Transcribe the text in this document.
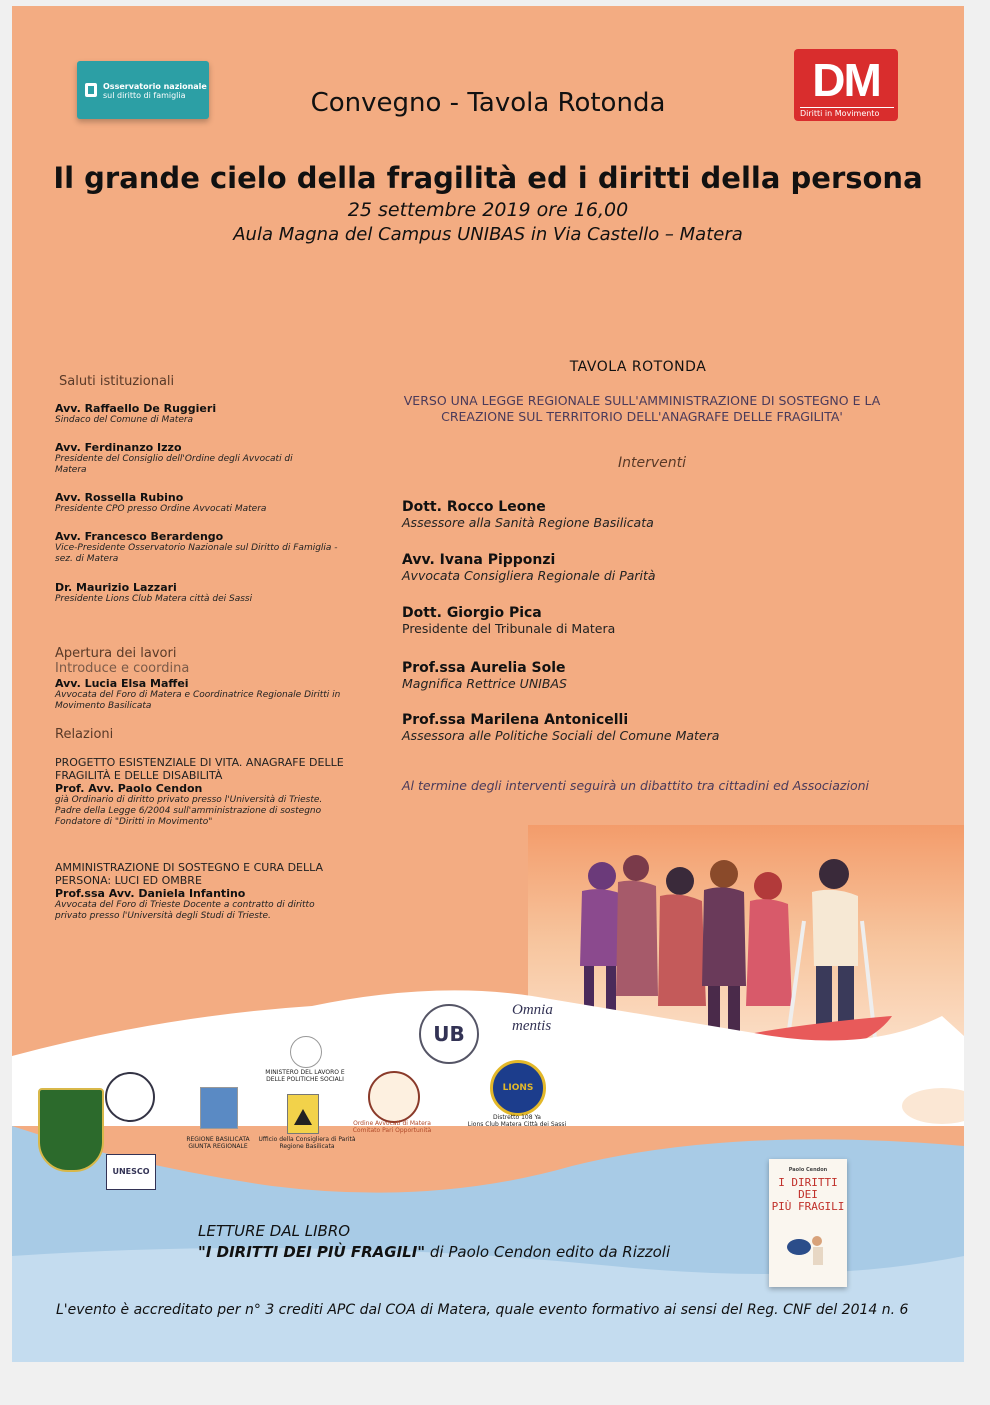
Osservatorio nazionale
sul diritto di famiglia	DM
Diritti in Movimento
Convegno - Tavola Rotonda
Il grande cielo della fragilità ed i diritti della persona
25 settembre 2019 ore 16,00
Aula Magna del Campus UNIBAS in Via Castello – Matera
Saluti istituzionali
Avv. Raffaello De Ruggieri
Sindaco del Comune di Matera
Avv. Ferdinanzo Izzo
Presidente del Consiglio dell'Ordine degli Avvocati di Matera
Avv. Rossella Rubino
Presidente CPO presso Ordine Avvocati Matera
Avv. Francesco Berardengo
Vice-Presidente Osservatorio Nazionale sul Diritto di Famiglia - sez. di Matera
Dr. Maurizio Lazzari
Presidente Lions Club Matera città dei Sassi
Apertura dei lavori
Introduce e coordina
Avv. Lucia Elsa Maffei
Avvocata del Foro di Matera e Coordinatrice Regionale Diritti in Movimento Basilicata
Relazioni
PROGETTO ESISTENZIALE DI VITA. ANAGRAFE DELLE FRAGILITÀ E DELLE DISABILITÀ
Prof. Avv. Paolo Cendon
già Ordinario di diritto privato presso l'Università di Trieste. Padre della Legge 6/2004 sull'amministrazione di sostegno Fondatore di "Diritti in Movimento"
AMMINISTRAZIONE DI SOSTEGNO E CURA DELLA PERSONA: LUCI ED OMBRE
Prof.ssa Avv. Daniela Infantino
Avvocata del Foro di Trieste Docente a contratto di diritto privato presso l'Università degli Studi di Trieste.
TAVOLA ROTONDA
VERSO UNA LEGGE REGIONALE SULL'AMMINISTRAZIONE DI SOSTEGNO E LA
CREAZIONE SUL TERRITORIO DELL'ANAGRAFE DELLE FRAGILITA'
Interventi
Dott. Rocco Leone
Assessore alla Sanità Regione Basilicata
Avv. Ivana Pipponzi
Avvocata Consigliera Regionale di Parità
Dott. Giorgio Pica
Presidente del Tribunale di Matera
Prof.ssa Aurelia Sole
Magnifica Rettrice UNIBAS
Prof.ssa Marilena Antonicelli
Assessora alle Politiche Sociali del Comune Matera
Al termine degli interventi seguirà un dibattito tra cittadini ed Associazioni
UB
Omnia mentis
MINISTERO DEL LAVORO E DELLE POLITICHE SOCIALI
Ufficio della Consigliera di Parità Regione Basilicata
Ordine Avvocati di Matera
Comitato Pari Opportunità
LIONS
Distretto 108 Ya
Lions Club Matera Città dei Sassi
UNESCO
REGIONE BASILICATA
GIUNTA REGIONALE
LETTURE DAL LIBRO
"I DIRITTI DEI PIÙ FRAGILI" di Paolo Cendon edito da Rizzoli
Paolo Cendon
I DIRITTI DEI
PIÙ FRAGILI
L'evento è accreditato per n° 3 crediti APC dal COA di Matera, quale evento formativo ai sensi del Reg. CNF del 2014 n. 6
